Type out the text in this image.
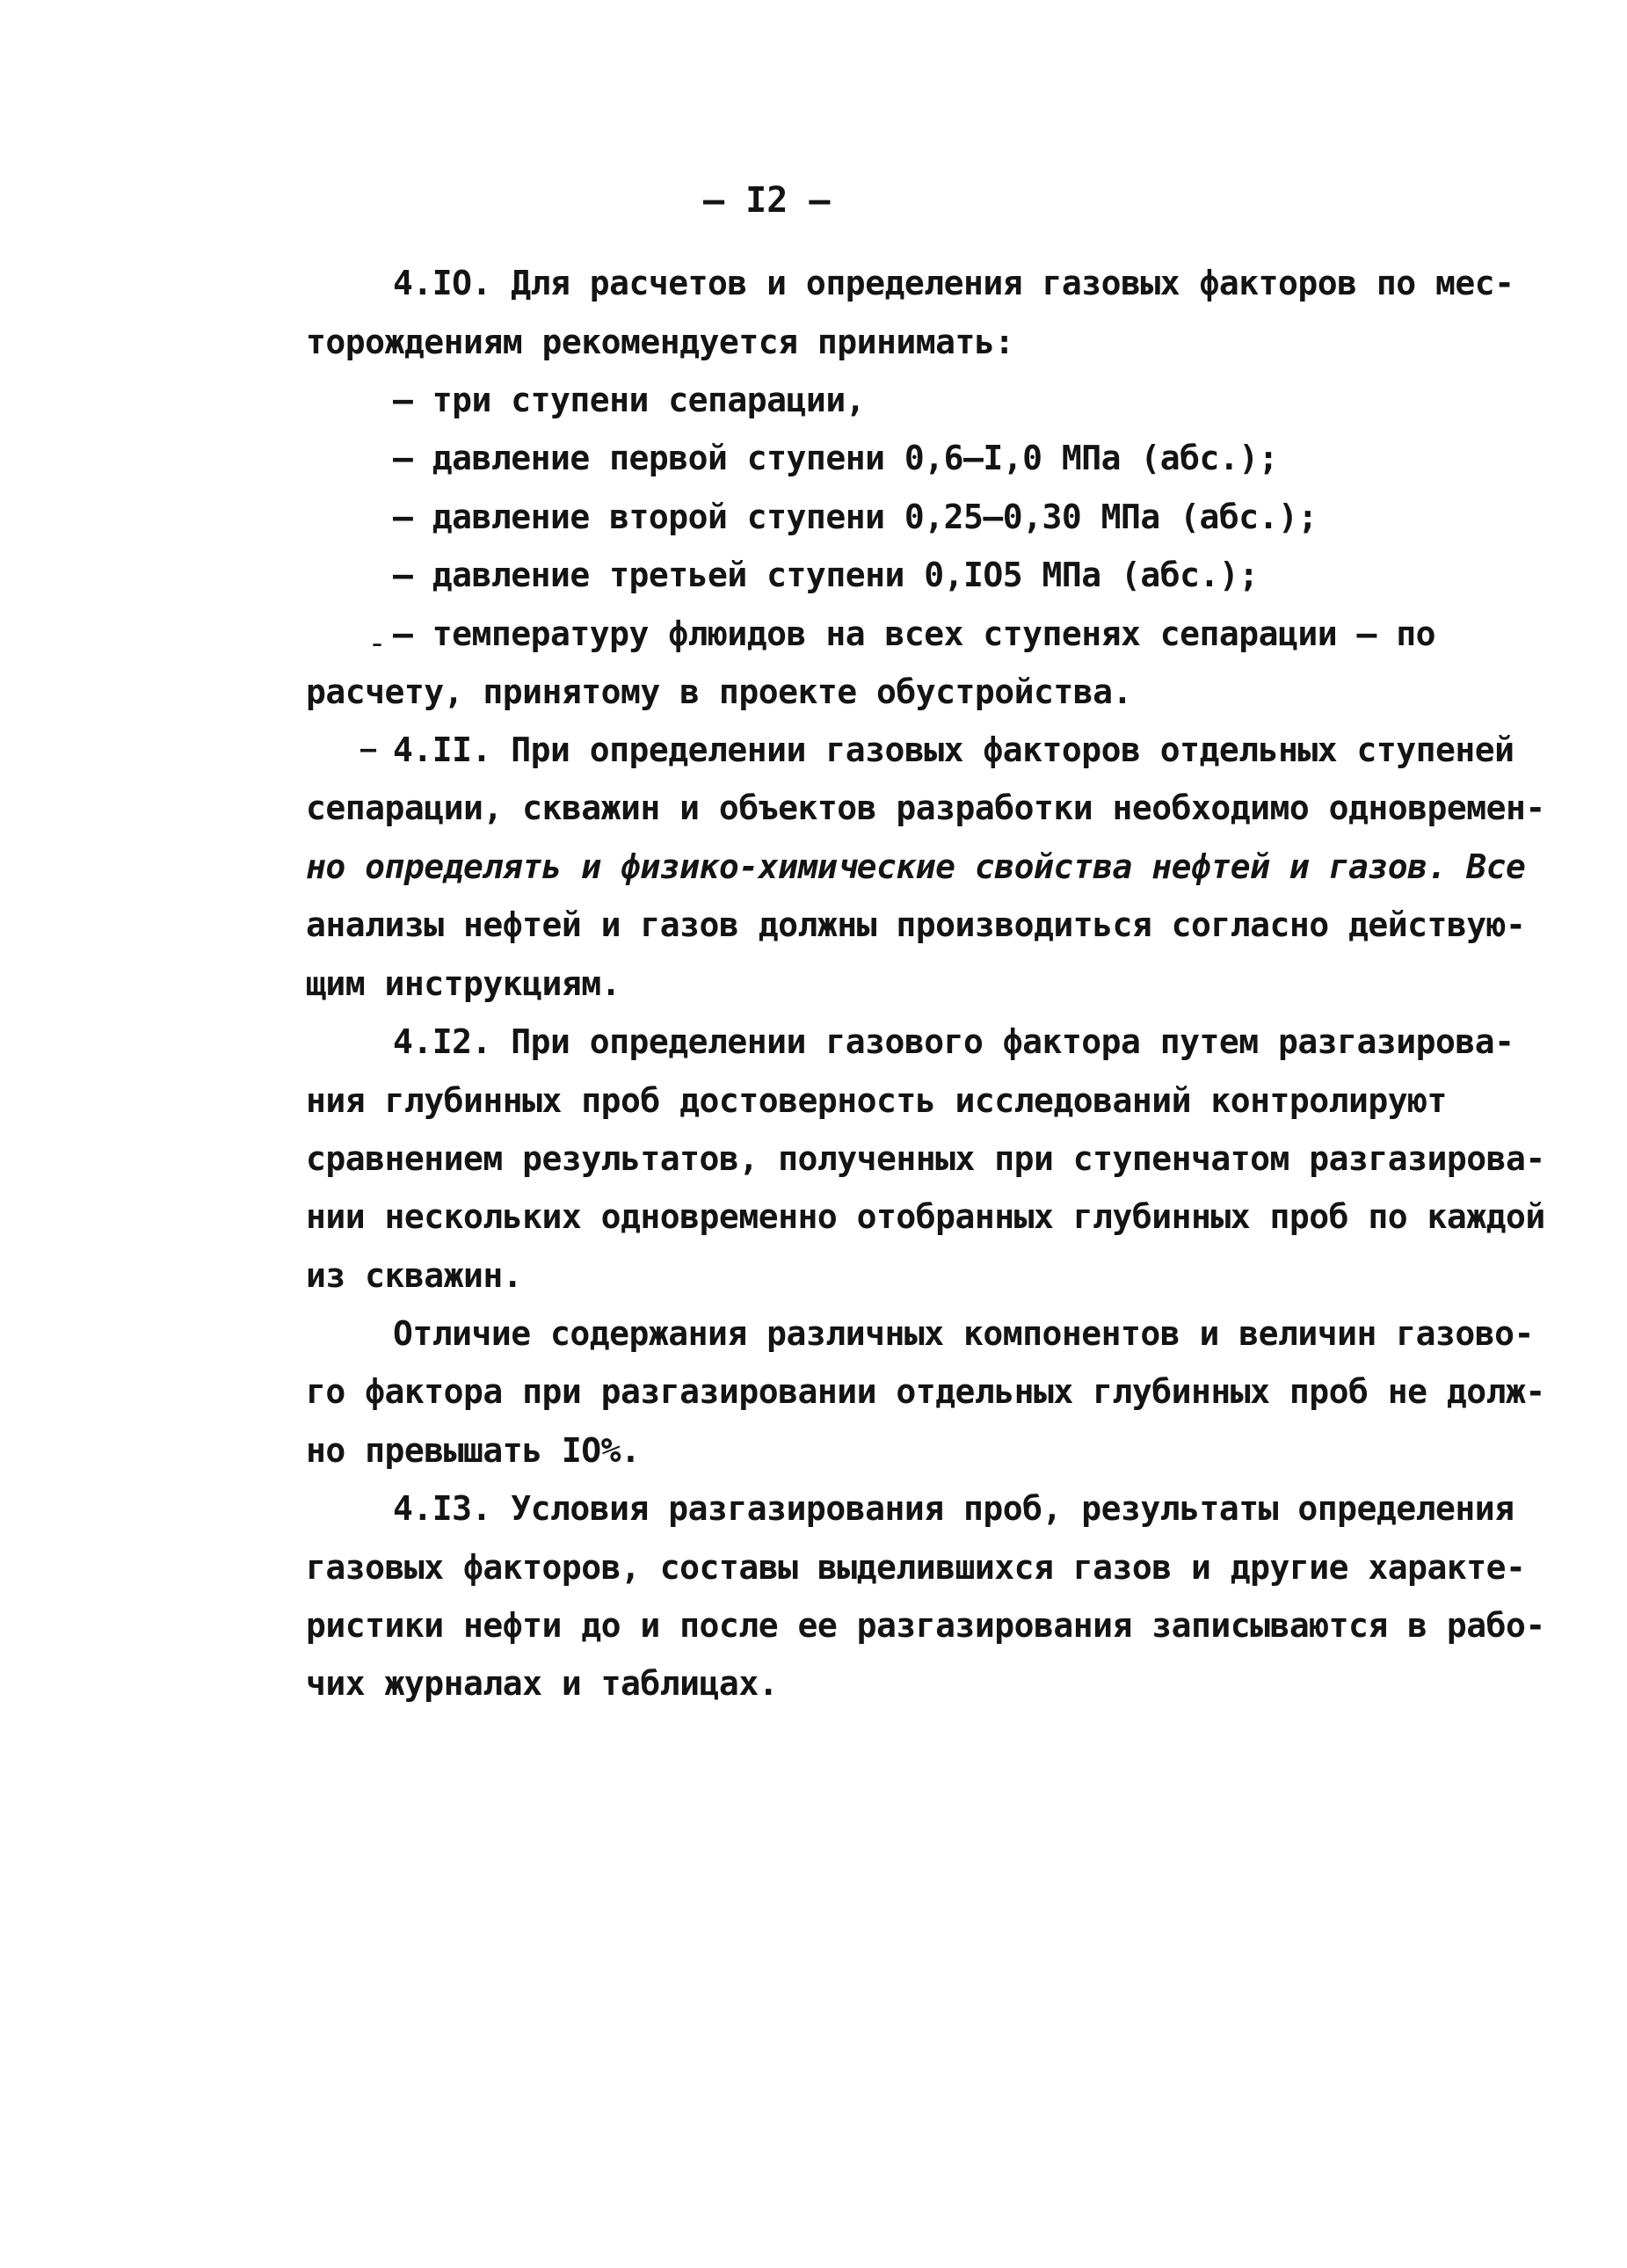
– I2 –
4.IO. Для расчетов и определения газовых факторов по мес-
торождениям рекомендуется принимать:
– три ступени сепарации,
– давление первой ступени 0,6–I,0 МПа (абс.);
– давление второй ступени 0,25–0,30 МПа (абс.);
– давление третьей ступени 0,IO5 МПа (абс.);
ˍ – температуру флюидов на всех ступенях сепарации – по
расчету, принятому в проекте обустройства.
– 4.II. При определении газовых факторов отдельных ступеней
сепарации, скважин и объектов разработки необходимо одновремен-
но определять и физико-химические свойства нефтей и газов. Все
анализы нефтей и газов должны производиться согласно действую-
щим инструкциям.
4.I2. При определении газового фактора путем разгазирова-
ния глубинных проб достоверность исследований контролируют
сравнением результатов, полученных при ступенчатом разгазирова-
нии нескольких одновременно отобранных глубинных проб по каждой
из скважин.
Отличие содержания различных компонентов и величин газово-
го фактора при разгазировании отдельных глубинных проб не долж-
но превышать IO%.
4.I3. Условия разгазирования проб, результаты определения
газовых факторов, составы выделившихся газов и другие характе-
ристики нефти до и после ее разгазирования записываются в рабо-
чих журналах и таблицах.
